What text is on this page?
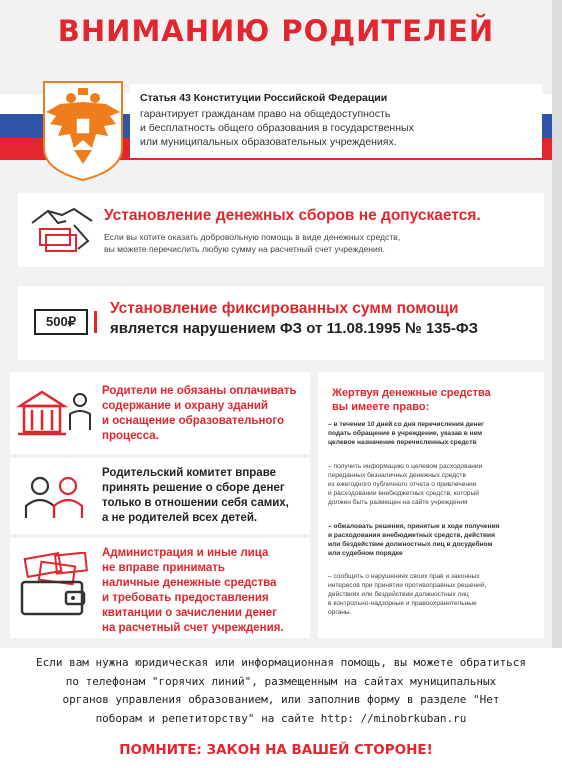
ВНИМАНИЮ РОДИТЕЛЕЙ
Статья 43 Конституции Российской Федерации
гарантирует гражданам право на общедоступность
и бесплатность общего образования в государственных
или муниципальных образовательных учреждениях.
Установление денежных сборов не допускается.
Если вы хотите оказать добровольную помощь в виде денежных средств,
вы можете перечислить любую сумму на расчетный счет учреждения.
500₽
Установление фиксированных сумм помощи
является нарушением ФЗ от 11.08.1995 № 135-ФЗ
Родители не обязаны оплачивать
содержание и охрану зданий
и оснащение образовательного
процесса.
Родительский комитет вправе
принять решение о сборе денег
только в отношении себя самих,
а не родителей всех детей.
Администрация и иные лица
не вправе принимать
наличные денежные средства
и требовать предоставления
квитанции о зачислении денег
на расчетный счет учреждения.
Жертвуя денежные средства
вы имеете право:
– в течение 10 дней со дня перечисления денег
подать обращение в учреждение, указав в нем
целевое назначение перечисленных средств
– получить информацию о целевом расходовании
переданных безналичных денежных средств
из ежегодного публичного отчета о привлечении
и расходовании внебюджетных средств, который
должен быть размещен на сайте учреждения
– обжаловать решения, принятые в ходе получения
и расходования внебюджетных средств, действия
или бездействие должностных лиц в досудебном
или судебном порядке
– сообщить о нарушениях своих прав и законных
интересов при принятии противоправных решений,
действиях или бездействии должностных лиц
в контрольно-надзорные и правоохранительные
органы.
Если вам нужна юридическая или информационная помощь, вы можете обратиться
по телефонам "горячих линий", размещенным на сайтах муниципальных
органов управления образованием, или заполнив форму в разделе "Нет
поборам и репетиторству" на сайте http: //minobrkuban.ru
ПОМНИТЕ: ЗАКОН НА ВАШЕЙ СТОРОНЕ!
